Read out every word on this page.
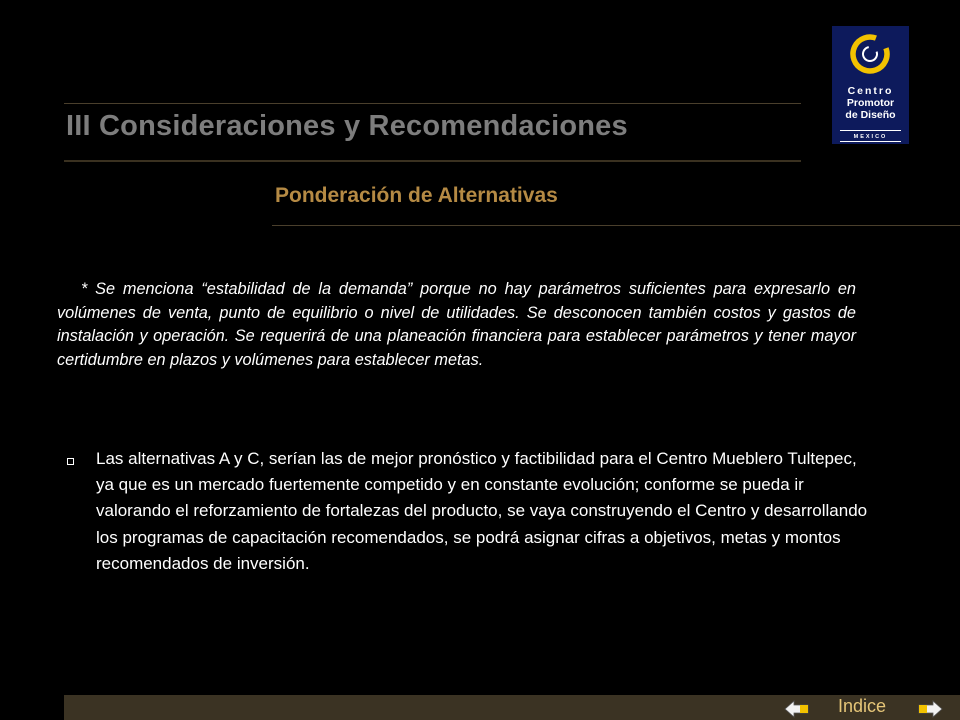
III Consideraciones y Recomendaciones
Centro
Promotor
de Diseño
MEXICO
Ponderación de Alternativas
* Se menciona “estabilidad de la demanda” porque no hay parámetros suficientes para expresarlo en volúmenes de venta, punto de equilibrio o nivel de utilidades. Se desconocen también costos y gastos de instalación y operación. Se requerirá de una planeación financiera para establecer parámetros y tener mayor certidumbre en plazos y volúmenes para establecer metas.
Las alternativas A y C, serían las de mejor pronóstico y factibilidad para el Centro Mueblero Tultepec, ya que es un mercado fuertemente competido y en constante evolución; conforme se pueda ir valorando el reforzamiento de fortalezas del producto, se vaya construyendo el Centro y desarrollando los programas de capacitación recomendados, se podrá asignar cifras a objetivos, metas y montos recomendados de inversión.
Indice
